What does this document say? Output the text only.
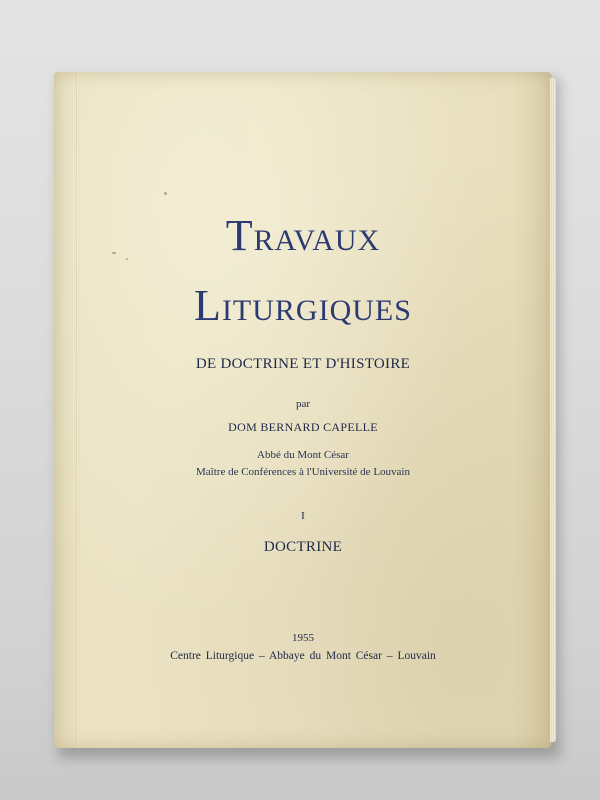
TRAVAUX
LITURGIQUES
DE DOCTRINE ET D'HISTOIRE
par
DOM BERNARD CAPELLE
Abbé du Mont César
Maître de Conférences à l'Université de Louvain
I
DOCTRINE
1955
Centre Liturgique – Abbaye du Mont César – Louvain
